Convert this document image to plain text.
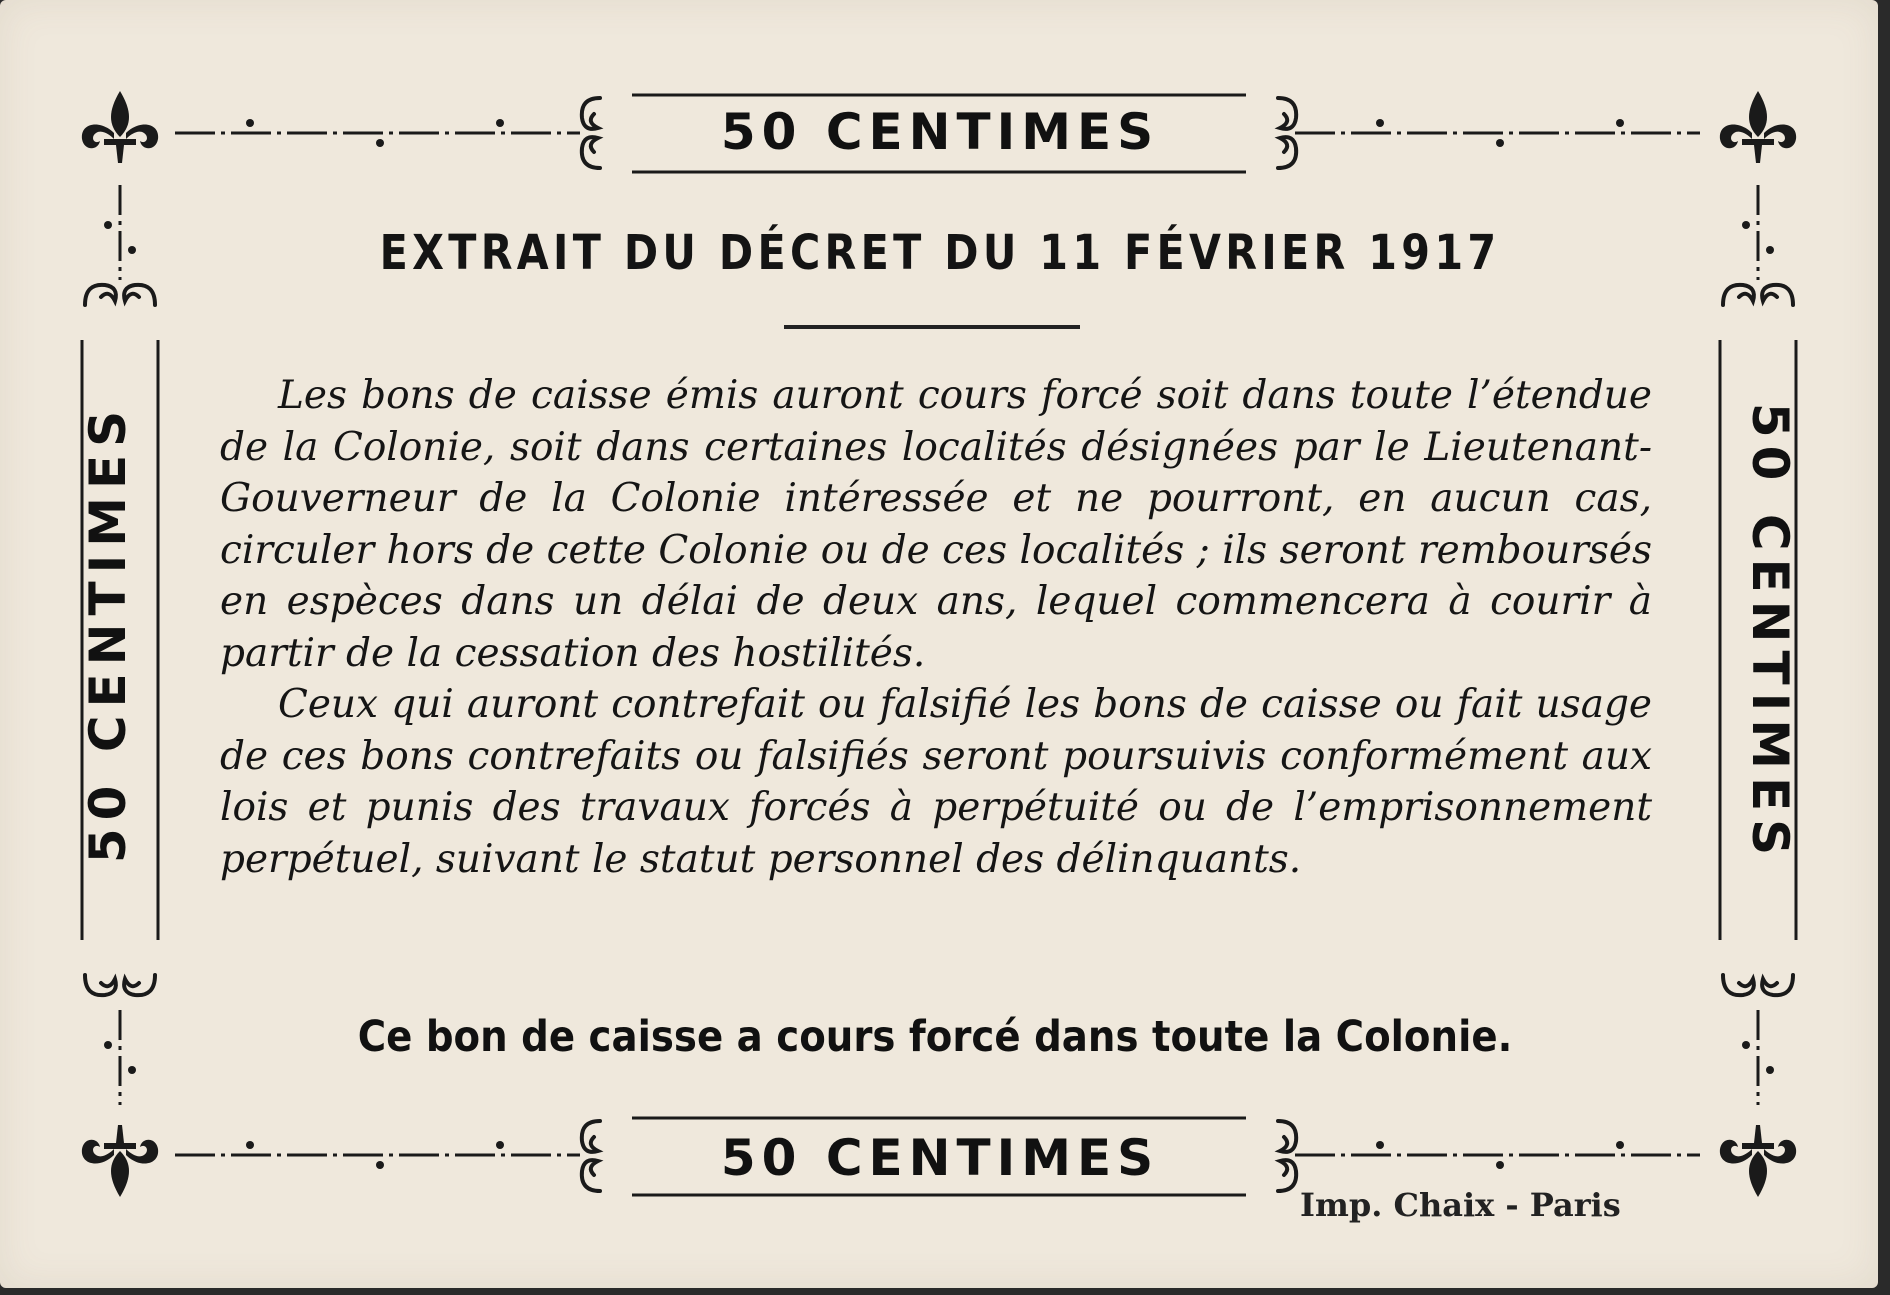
50 CENTIMES
50 CENTIMES
50 CENTIMES	50 CENTIMES
EXTRAIT DU DÉCRET DU 11 FÉVRIER 1917

Les bons de caisse émis auront cours forcé soit dans toute l’étendue de la Colonie, soit dans certaines localités désignées par le Lieutenant-Gouverneur de la Colonie intéressée et ne pourront, en aucun cas, circuler hors de cette Colonie ou de ces localités ; ils seront remboursés en espèces dans un délai de deux ans, lequel commencera à courir à partir de la cessation des hostilités.

Ceux qui auront contrefait ou falsifié les bons de caisse ou fait usage de ces bons contrefaits ou falsifiés seront poursuivis conformément aux lois et punis des travaux forcés à perpétuité ou de l’emprisonnement perpétuel, suivant le statut personnel des délinquants.

Ce bon de caisse a cours forcé dans toute la Colonie.
Imp. Chaix - Paris
